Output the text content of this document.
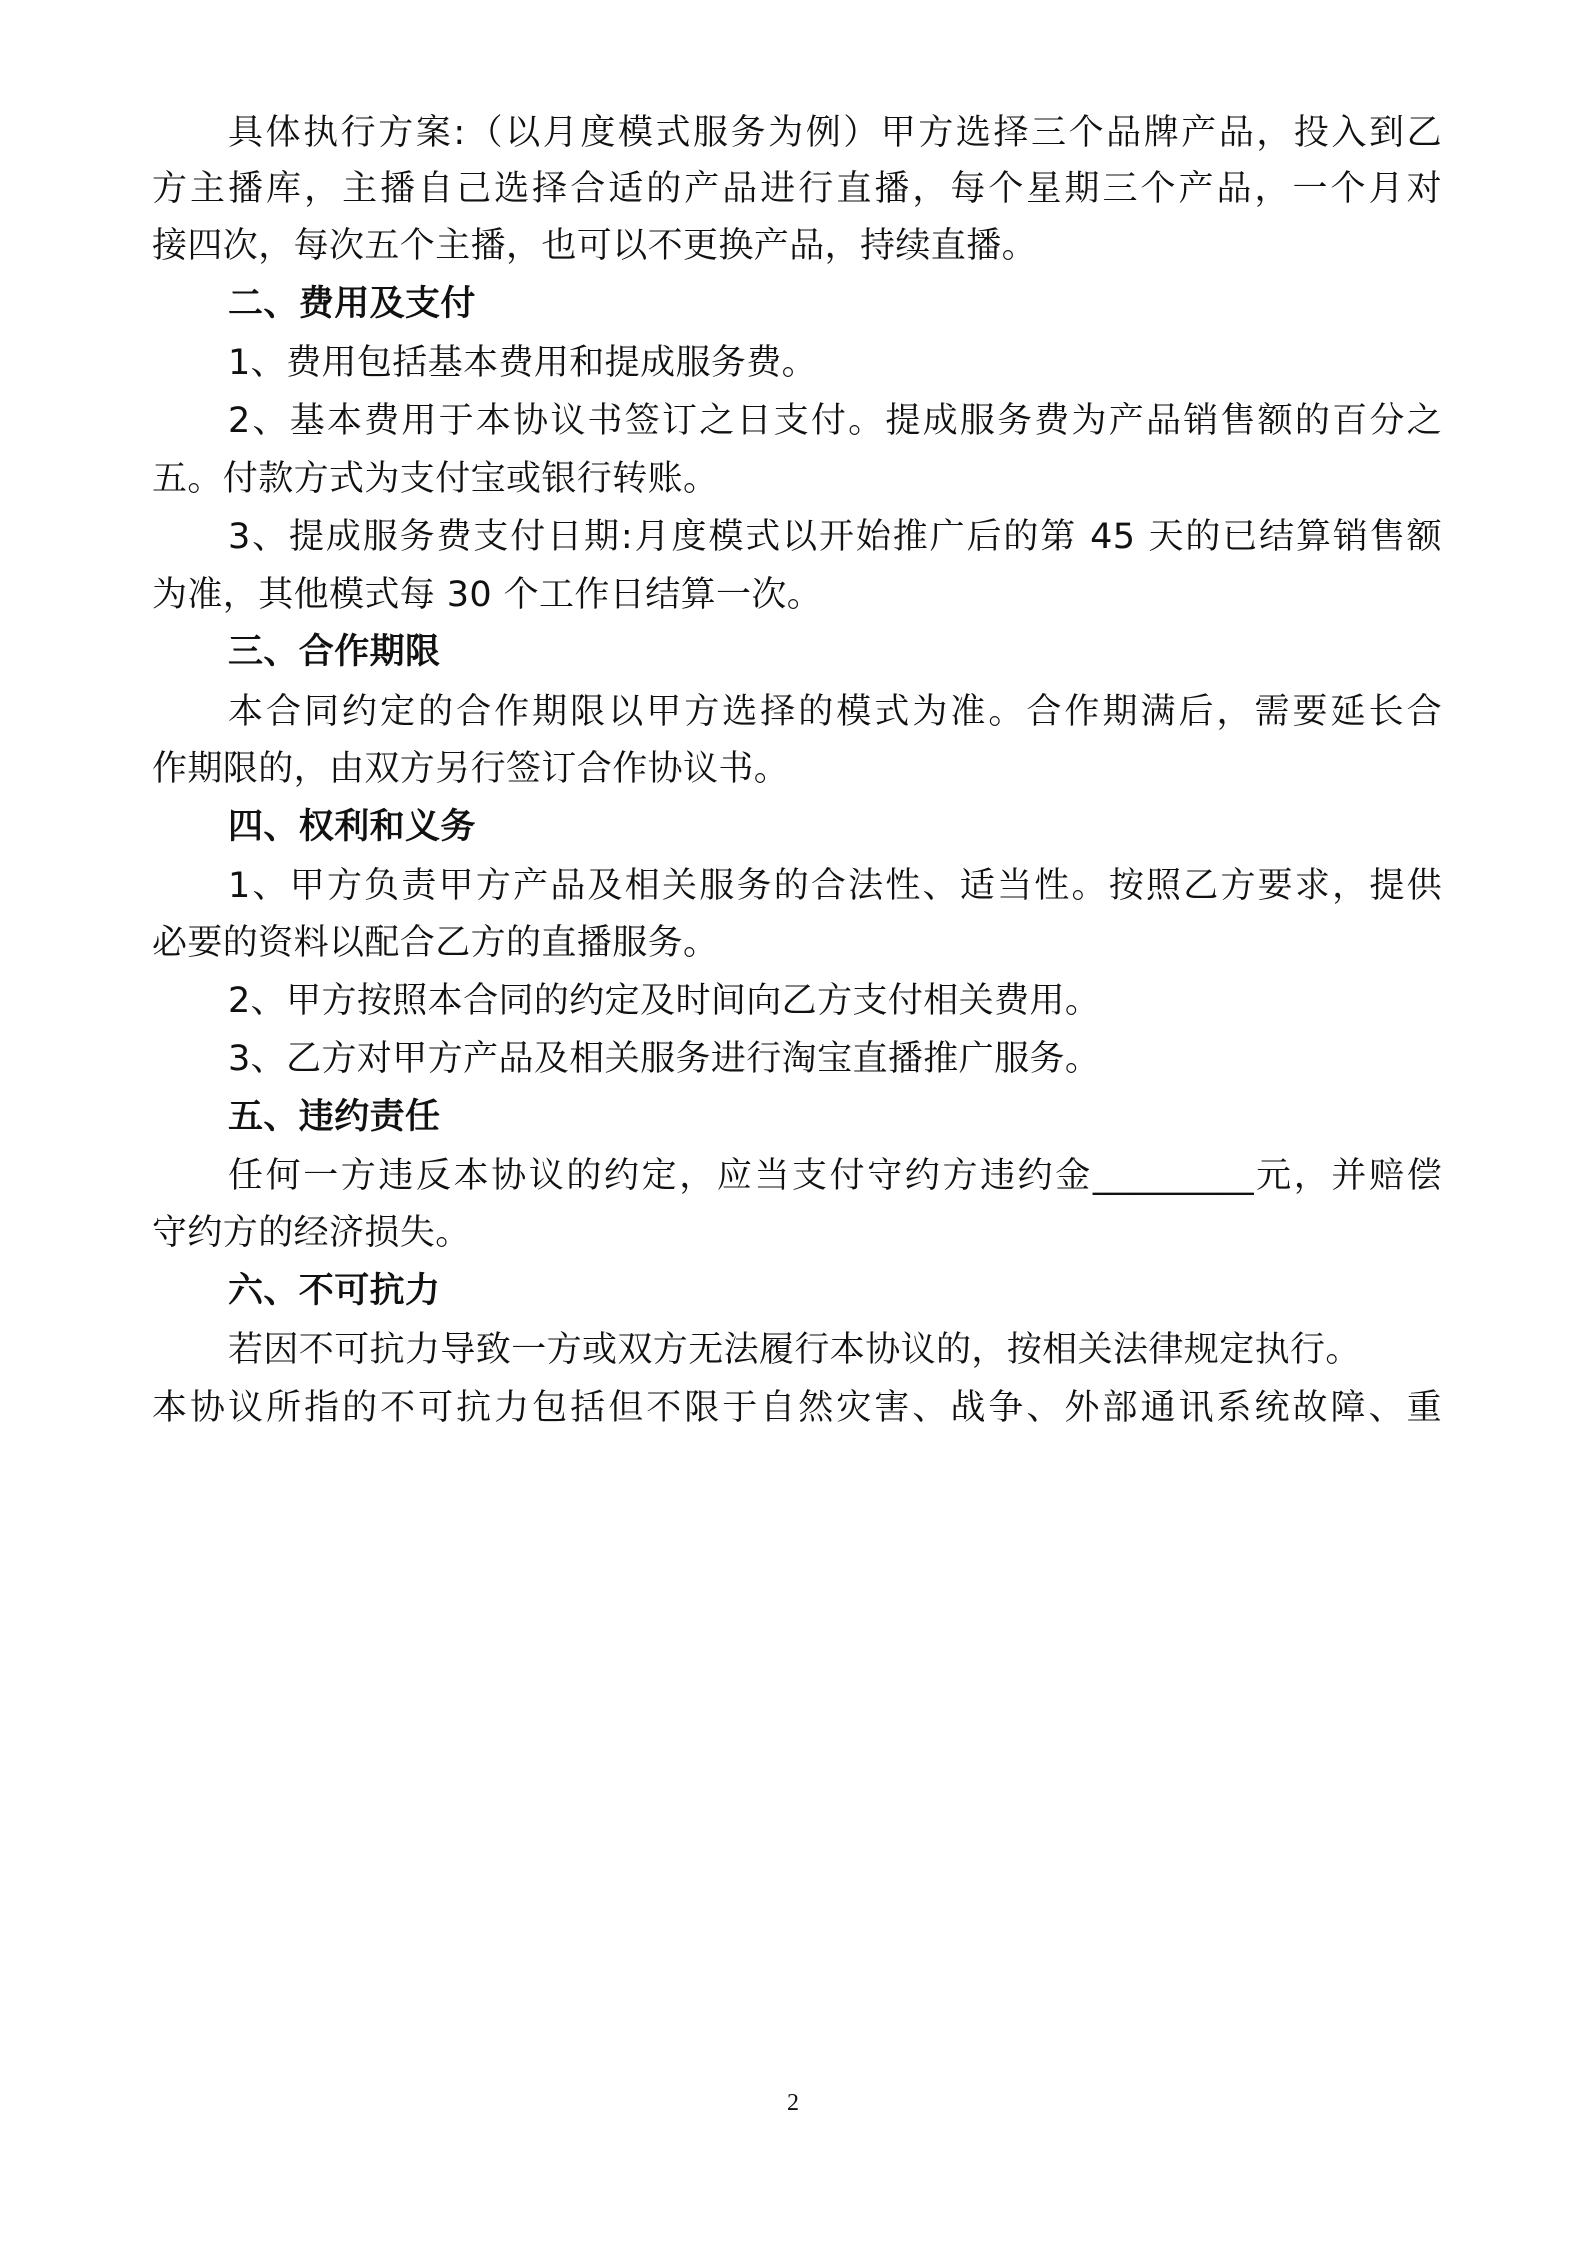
具体执行方案:（以月度模式服务为例）甲方选择三个品牌产品，投入到乙
方主播库，主播自己选择合适的产品进行直播，每个星期三个产品，一个月对
接四次，每次五个主播，也可以不更换产品，持续直播。
二、费用及支付
1、费用包括基本费用和提成服务费。
2、基本费用于本协议书签订之日支付。提成服务费为产品销售额的百分之
五。付款方式为支付宝或银行转账。
3、提成服务费支付日期:月度模式以开始推广后的第 45 天的已结算销售额
为准，其他模式每 30 个工作日结算一次。
三、合作期限
本合同约定的合作期限以甲方选择的模式为准。合作期满后，需要延长合
作期限的，由双方另行签订合作协议书。
四、权利和义务
1、甲方负责甲方产品及相关服务的合法性、适当性。按照乙方要求，提供
必要的资料以配合乙方的直播服务。
2、甲方按照本合同的约定及时间向乙方支付相关费用。
3、乙方对甲方产品及相关服务进行淘宝直播推广服务。
五、违约责任
任何一方违反本协议的约定，应当支付守约方违约金_________元，并赔偿
守约方的经济损失。
六、不可抗力
若因不可抗力导致一方或双方无法履行本协议的，按相关法律规定执行。
本协议所指的不可抗力包括但不限于自然灾害、战争、外部通讯系统故障、重
2
